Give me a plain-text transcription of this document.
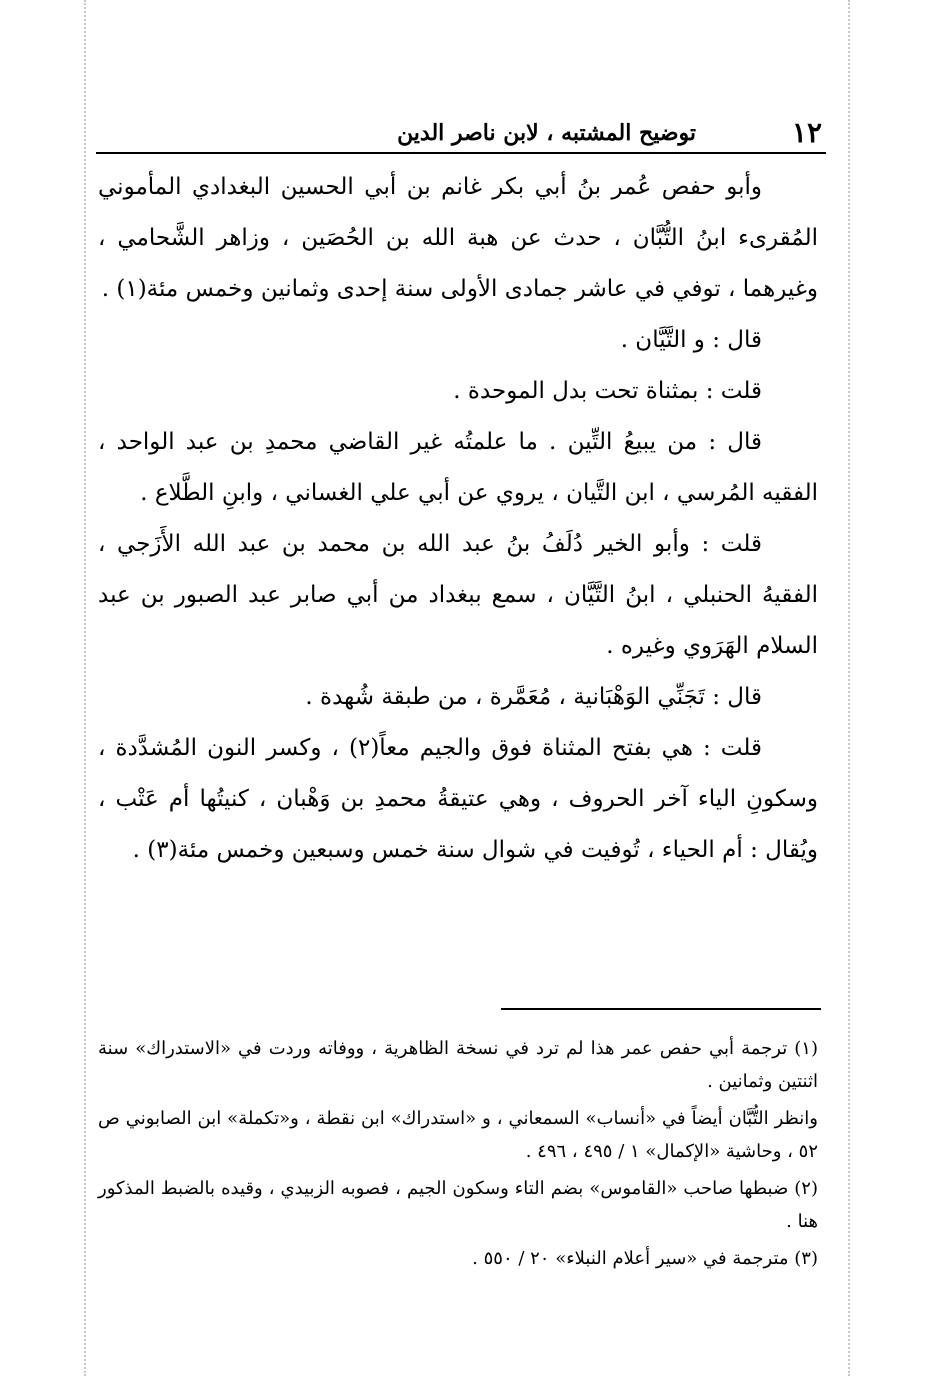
١٢
توضيح المشتبه ، لابن ناصر الدين

وأبو حفص عُمر بنُ أبي بكر غانم بن أبي الحسين البغدادي المأموني المُقرىء ابنُ التُّبَّان ، حدث عن هبة الله بن الحُصَين ، وزاهر الشَّحامي ، وغيرهما ، توفي في عاشر جمادى الأولى سنة إحدى وثمانين وخمس مئة(١) .

قال : و التَّيَّان .

قلت : بمثناة تحت بدل الموحدة .

قال : من يبيعُ التِّين . ما علمتُه غير القاضي محمدِ بن عبد الواحد ، الفقيه المُرسي ، ابن التَّيان ، يروي عن أبي علي الغساني ، وابنِ الطَّلاع .

قلت : وأبو الخير دُلَفُ بنُ عبد الله بن محمد بن عبد الله الأَزَجي ، الفقيهُ الحنبلي ، ابنُ التَّيَّان ، سمع ببغداد من أبي صابر عبد الصبور بن عبد السلام الهَرَوي وغيره .

قال : تَجَنِّي الوَهْبَانية ، مُعَمَّرة ، من طبقة شُهدة .

قلت : هي بفتح المثناة فوق والجيم معاً(٢) ، وكسر النون المُشدَّدة ، وسكونِ الياء آخر الحروف ، وهي عتيقةُ محمدِ بن وَهْبان ، كنيتُها أم عَتْب ، ويُقال : أم الحياء ، تُوفيت في شوال سنة خمس وسبعين وخمس مئة(٣) .

(١) ترجمة أبي حفص عمر هذا لم ترد في نسخة الظاهرية ، ووفاته وردت في «الاستدراك» سنة اثنتين وثمانين .

وانظر التُّبَّان أيضاً في «أنساب» السمعاني ، و «استدراك» ابن نقطة ، و«تكملة» ابن الصابوني ص ٥٢ ، وحاشية «الإكمال» ١ / ٤٩٥ ، ٤٩٦ .

(٢) ضبطها صاحب «القاموس» بضم التاء وسكون الجيم ، فصوبه الزبيدي ، وقيده بالضبط المذكور هنا .

(٣) مترجمة في «سير أعلام النبلاء» ٢٠ / ٥٥٠ .
